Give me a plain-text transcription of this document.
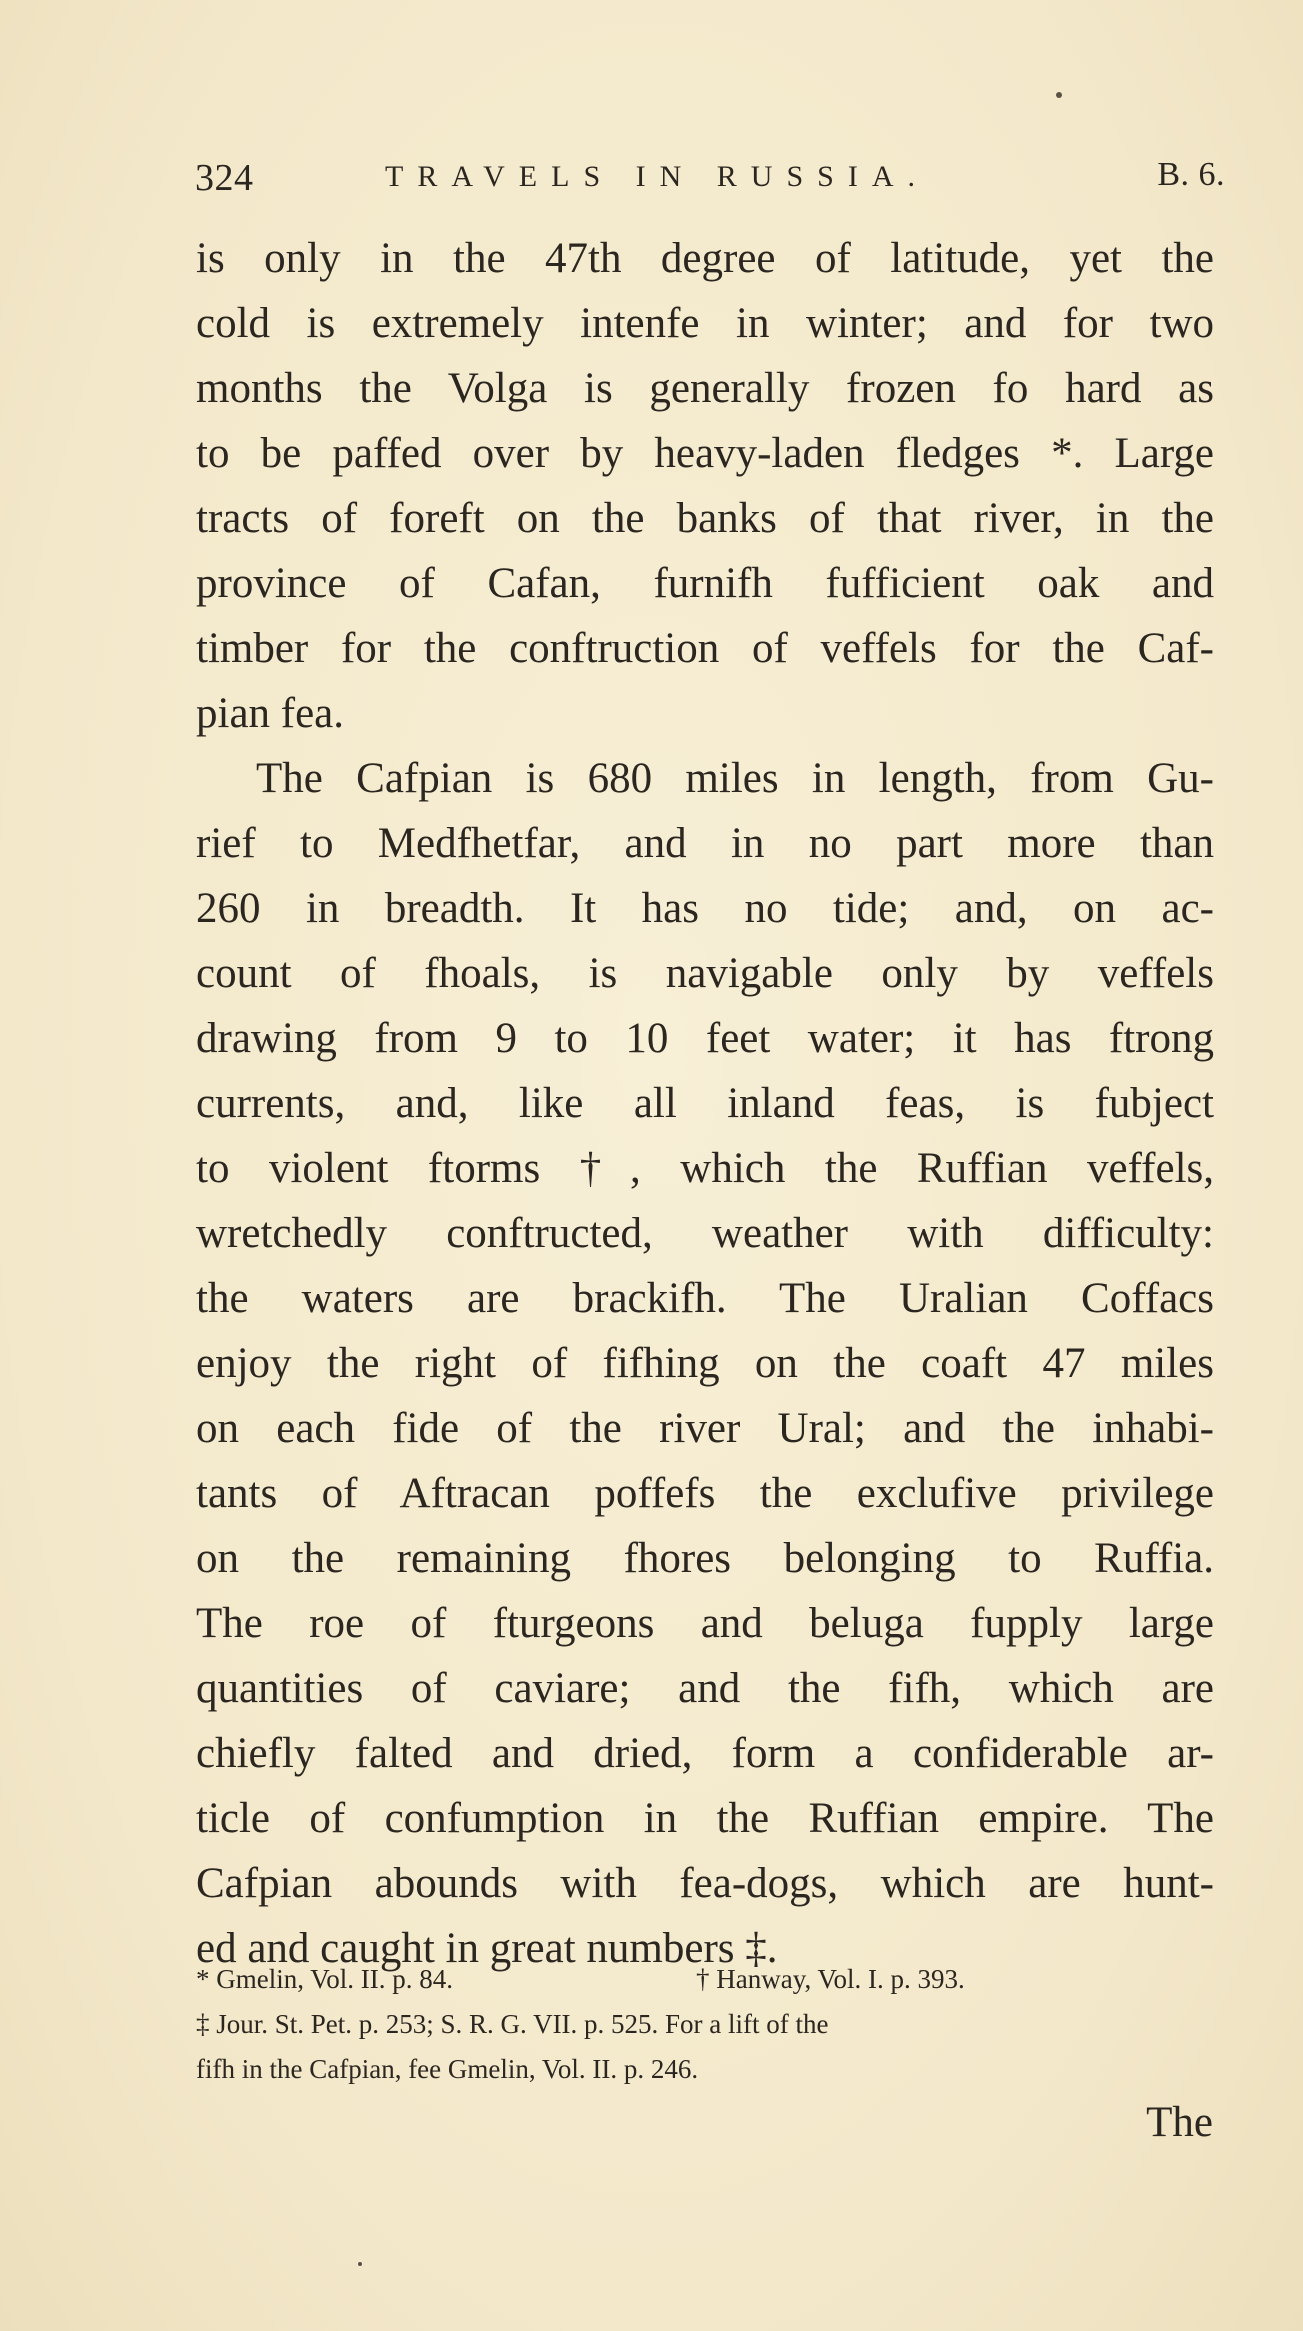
324	TRAVELS IN RUSSIA.	B. 6.
is only in the 47th degree of latitude, yet the
cold is extremely intenfe in winter; and for two
months the Volga is generally frozen fo hard as
to be paffed over by heavy-laden fledges *. Large
tracts of foreft on the banks of that river, in the
province of Cafan, furnifh fufficient oak and
timber for the conftruction of veffels for the Caf-
pian fea.
The Cafpian is 680 miles in length, from Gu-
rief to Medfhetfar, and in no part more than
260 in breadth. It has no tide; and, on ac-
count of fhoals, is navigable only by veffels
drawing from 9 to 10 feet water; it has ftrong
currents, and, like all inland feas, is fubject
to violent ftorms †, which the Ruffian veffels,
wretchedly conftructed, weather with difficulty:
the waters are brackifh. The Uralian Coffacs
enjoy the right of fifhing on the coaft 47 miles
on each fide of the river Ural; and the inhabi-
tants of Aftracan poffefs the exclufive privilege
on the remaining fhores belonging to Ruffia.
The roe of fturgeons and beluga fupply large
quantities of caviare; and the fifh, which are
chiefly falted and dried, form a confiderable ar-
ticle of confumption in the Ruffian empire. The
Cafpian abounds with fea-dogs, which are hunt-
ed and caught in great numbers ‡.
* Gmelin, Vol. II. p. 84.	† Hanway, Vol. I. p. 393.
‡ Jour. St. Pet. p. 253; S. R. G. VII. p. 525. For a lift of the
fifh in the Cafpian, fee Gmelin, Vol. II. p. 246.
The
